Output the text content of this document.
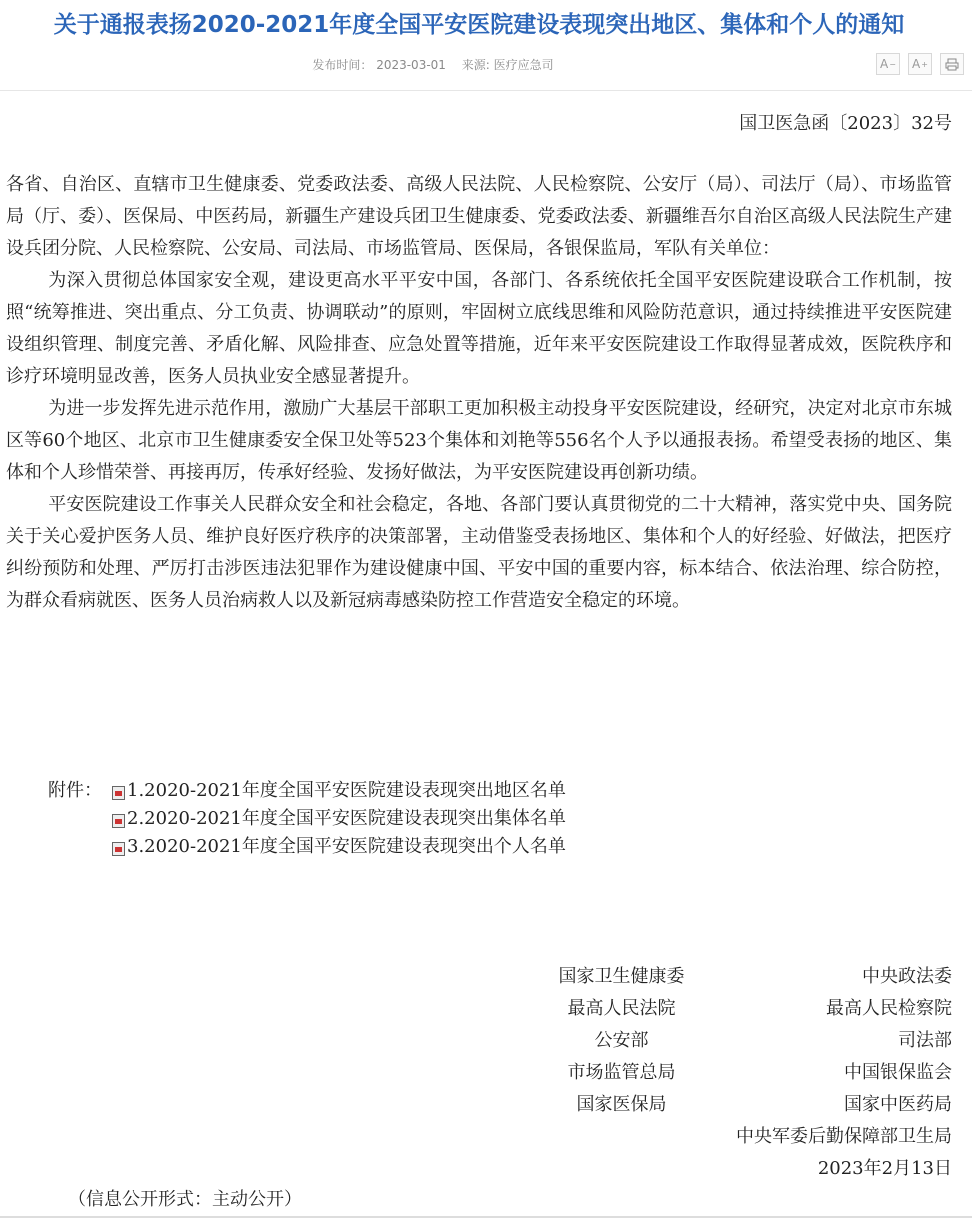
关于通报表扬2020-2021年度全国平安医院建设表现突出地区、集体和个人的通知
发布时间： 2023-03-01 来源: 医疗应急司	A − A +
国卫医急函〔2023〕32号

各省、自治区、直辖市卫生健康委、党委政法委、高级人民法院、人民检察院、公安厅（局）、司法厅（局）、市场监管局（厅、委）、医保局、中医药局，新疆生产建设兵团卫生健康委、党委政法委、新疆维吾尔自治区高级人民法院生产建设兵团分院、人民检察院、公安局、司法局、市场监管局、医保局，各银保监局，军队有关单位：

为深入贯彻总体国家安全观，建设更高水平平安中国，各部门、各系统依托全国平安医院建设联合工作机制，按照“统筹推进、突出重点、分工负责、协调联动”的原则，牢固树立底线思维和风险防范意识，通过持续推进平安医院建设组织管理、制度完善、矛盾化解、风险排查、应急处置等措施，近年来平安医院建设工作取得显著成效，医院秩序和诊疗环境明显改善，医务人员执业安全感显著提升。

为进一步发挥先进示范作用，激励广大基层干部职工更加积极主动投身平安医院建设，经研究，决定对北京市东城区等60个地区、北京市卫生健康委安全保卫处等523个集体和刘艳等556名个人予以通报表扬。希望受表扬的地区、集体和个人珍惜荣誉、再接再厉，传承好经验、发扬好做法，为平安医院建设再创新功绩。

平安医院建设工作事关人民群众安全和社会稳定，各地、各部门要认真贯彻党的二十大精神，落实党中央、国务院关于关心爱护医务人员、维护良好医疗秩序的决策部署，主动借鉴受表扬地区、集体和个人的好经验、好做法，把医疗纠纷预防和处理、严厉打击涉医违法犯罪作为建设健康中国、平安中国的重要内容，标本结合、依法治理、综合防控，为群众看病就医、医务人员治病救人以及新冠病毒感染防控工作营造安全稳定的环境。

附件：	1.2020-2021年度全国平安医院建设表现突出地区名单
2.2020-2021年度全国平安医院建设表现突出集体名单
3.2020-2021年度全国平安医院建设表现突出个人名单
国家卫生健康委
最高人民法院
公安部
市场监管总局
国家医保局
中央政法委
最高人民检察院
司法部
中国银保监会
国家中医药局
中央军委后勤保障部卫生局
2023年2月13日
（信息公开形式：主动公开）
